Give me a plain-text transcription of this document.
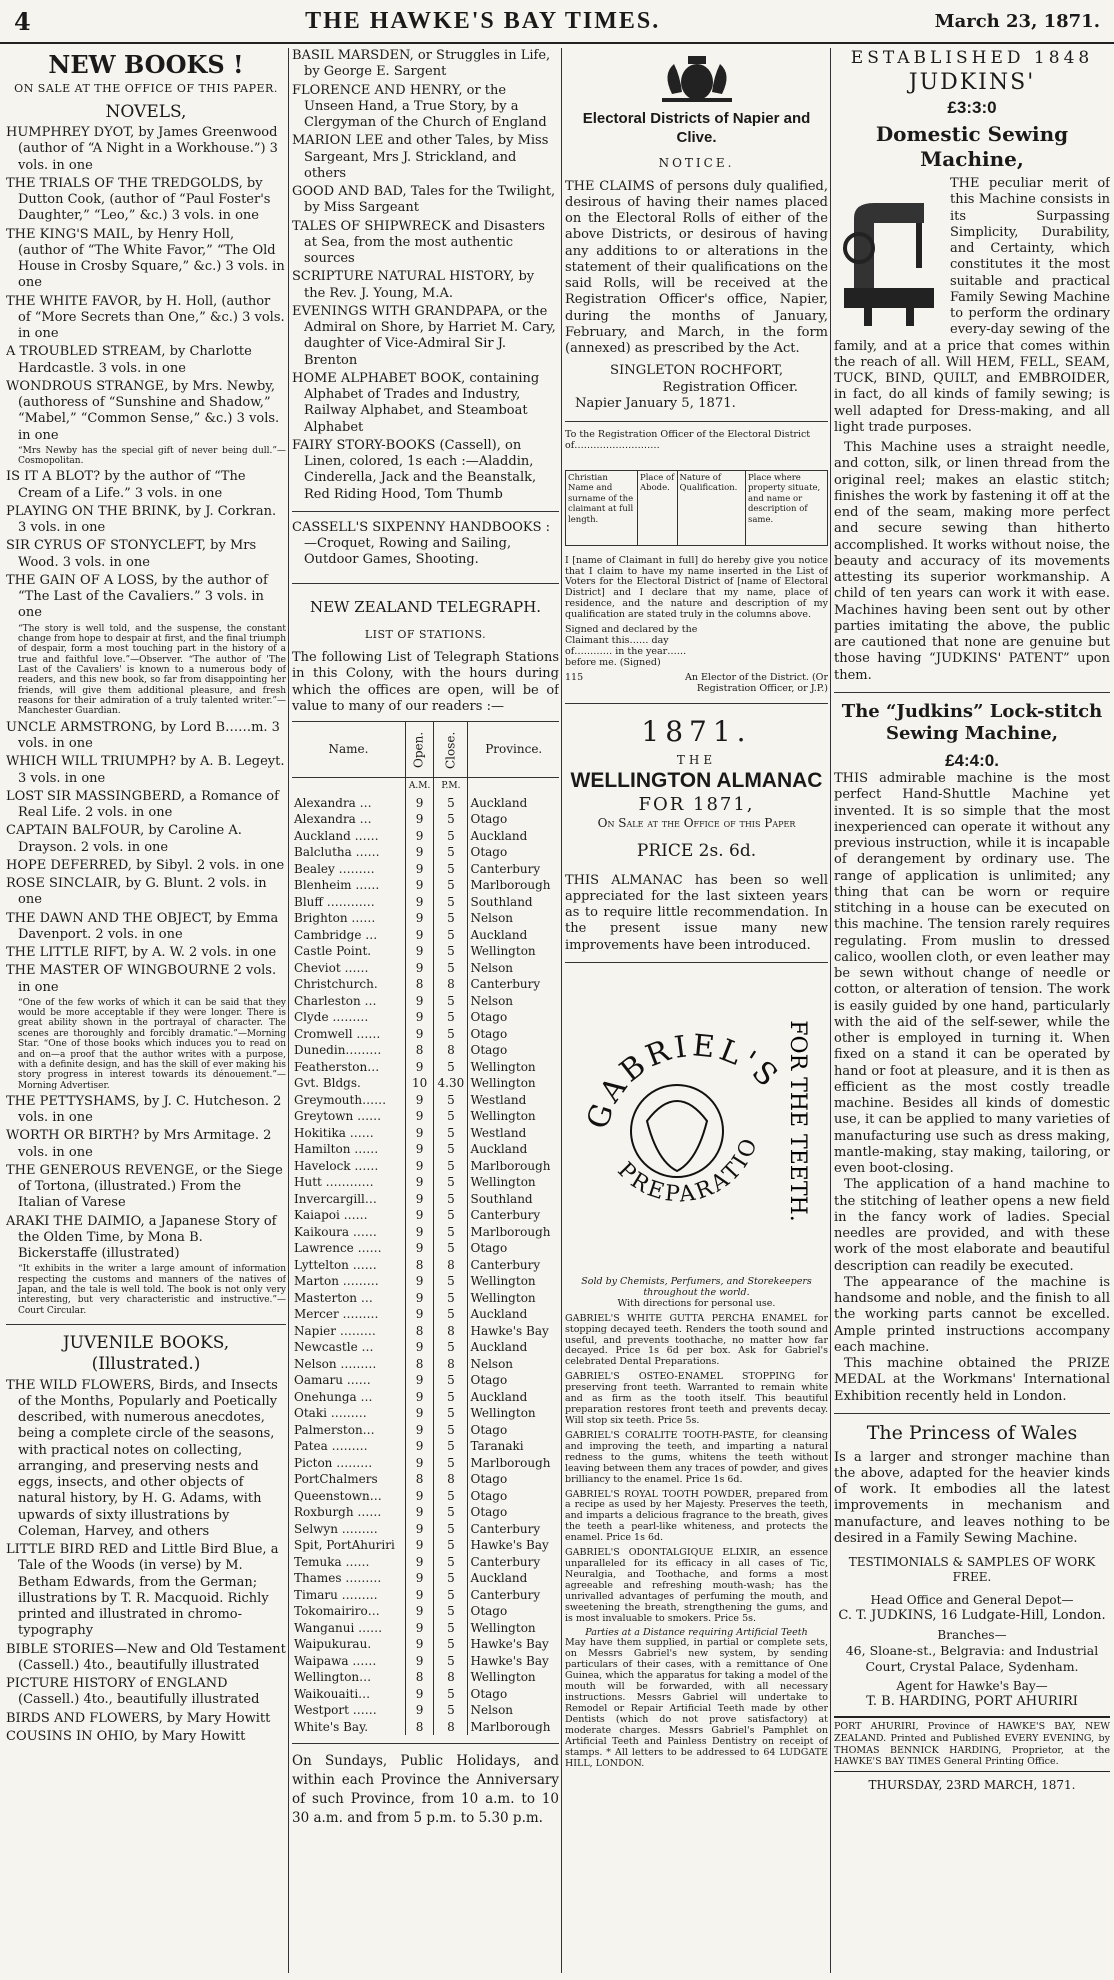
4	THE HAWKE'S BAY TIMES.	March 23, 1871.
NEW BOOKS !
ON SALE AT THE OFFICE OF THIS PAPER.
NOVELS,
HUMPHREY DYOT, by James Greenwood (author of “A Night in a Workhouse.”) 3 vols. in one
THE TRIALS OF THE TREDGOLDS, by Dutton Cook, (author of “Paul Foster's Daughter,” “Leo,” &c.) 3 vols. in one
THE KING'S MAIL, by Henry Holl, (author of “The White Favor,” “The Old House in Crosby Square,” &c.) 3 vols. in one
THE WHITE FAVOR, by H. Holl, (author of “More Secrets than One,” &c.) 3 vols. in one
A TROUBLED STREAM, by Charlotte Hardcastle. 3 vols. in one
WONDROUS STRANGE, by Mrs. Newby, (authoress of “Sunshine and Shadow,” “Mabel,” “Common Sense,” &c.) 3 vols. in one
“Mrs Newby has the special gift of never being dull.”—Cosmopolitan.
IS IT A BLOT? by the author of “The Cream of a Life.” 3 vols. in one
PLAYING ON THE BRINK, by J. Corkran. 3 vols. in one
SIR CYRUS OF STONYCLEFT, by Mrs Wood. 3 vols. in one
THE GAIN OF A LOSS, by the author of “The Last of the Cavaliers.” 3 vols. in one
“The story is well told, and the suspense, the constant change from hope to despair at first, and the final triumph of despair, form a most touching part in the history of a true and faithful love.”—Observer. “The author of 'The Last of the Cavaliers' is known to a numerous body of readers, and this new book, so far from disappointing her friends, will give them additional pleasure, and fresh reasons for their admiration of a truly talented writer.”—Manchester Guardian.
UNCLE ARMSTRONG, by Lord B……m. 3 vols. in one
WHICH WILL TRIUMPH? by A. B. Legeyt. 3 vols. in one
LOST SIR MASSINGBERD, a Romance of Real Life. 2 vols. in one
CAPTAIN BALFOUR, by Caroline A. Drayson. 2 vols. in one
HOPE DEFERRED, by Sibyl. 2 vols. in one
ROSE SINCLAIR, by G. Blunt. 2 vols. in one
THE DAWN AND THE OBJECT, by Emma Davenport. 2 vols. in one
THE LITTLE RIFT, by A. W. 2 vols. in one
THE MASTER OF WINGBOURNE 2 vols. in one
“One of the few works of which it can be said that they would be more acceptable if they were longer. There is great ability shown in the portrayal of character. The scenes are thoroughly and forcibly dramatic.”—Morning Star. “One of those books which induces you to read on and on—a proof that the author writes with a purpose, with a definite design, and has the skill of ever making his story progress in interest towards its dénouement.”—Morning Advertiser.
THE PETTYSHAMS, by J. C. Hutcheson. 2 vols. in one
WORTH OR BIRTH? by Mrs Armitage. 2 vols. in one
THE GENEROUS REVENGE, or the Siege of Tortona, (illustrated.) From the Italian of Varese
ARAKI THE DAIMIO, a Japanese Story of the Olden Time, by Mona B. Bickerstaffe (illustrated)
“It exhibits in the writer a large amount of information respecting the customs and manners of the natives of Japan, and the tale is well told. The book is not only very interesting, but very characteristic and instructive.”—Court Circular.
JUVENILE BOOKS, (Illustrated.)
THE WILD FLOWERS, Birds, and Insects of the Months, Popularly and Poetically described, with numerous anecdotes, being a complete circle of the seasons, with practical notes on collecting, arranging, and preserving nests and eggs, insects, and other objects of natural history, by H. G. Adams, with upwards of sixty illustrations by Coleman, Harvey, and others
LITTLE BIRD RED and Little Bird Blue, a Tale of the Woods (in verse) by M. Betham Edwards, from the German; illustrations by T. R. Macquoid. Richly printed and illustrated in chromo-typography
BIBLE STORIES—New and Old Testament (Cassell.) 4to., beautifully illustrated
PICTURE HISTORY of ENGLAND (Cassell.) 4to., beautifully illustrated
BIRDS AND FLOWERS, by Mary Howitt
COUSINS IN OHIO, by Mary Howitt
BASIL MARSDEN, or Struggles in Life, by George E. Sargent
FLORENCE AND HENRY, or the Unseen Hand, a True Story, by a Clergyman of the Church of England
MARION LEE and other Tales, by Miss Sargeant, Mrs J. Strickland, and others
GOOD AND BAD, Tales for the Twilight, by Miss Sargeant
TALES OF SHIPWRECK and Disasters at Sea, from the most authentic sources
SCRIPTURE NATURAL HISTORY, by the Rev. J. Young, M.A.
EVENINGS WITH GRANDPAPA, or the Admiral on Shore, by Harriet M. Cary, daughter of Vice-Admiral Sir J. Brenton
HOME ALPHABET BOOK, containing Alphabet of Trades and Industry, Railway Alphabet, and Steamboat Alphabet
FAIRY STORY-BOOKS (Cassell), on Linen, colored, 1s each :—Aladdin, Cinderella, Jack and the Beanstalk, Red Riding Hood, Tom Thumb
CASSELL'S SIXPENNY HANDBOOKS :—Croquet, Rowing and Sailing, Outdoor Games, Shooting.
NEW ZEALAND TELEGRAPH.
LIST OF STATIONS.
The following List of Telegraph Stations in this Colony, with the hours during which the offices are open, will be of value to many of our readers :—
Name.	Open.	Close.	Province.
	A.M.	P.M.	
Alexandra …	9	5	Auckland
Alexandra …	9	5	Otago
Auckland ……	9	5	Auckland
Balclutha ……	9	5	Otago
Bealey ………	9	5	Canterbury
Blenheim ……	9	5	Marlborough
Bluff …………	9	5	Southland
Brighton ……	9	5	Nelson
Cambridge …	9	5	Auckland
Castle Point.	9	5	Wellington
Cheviot ……	9	5	Nelson
Christchurch.	8	8	Canterbury
Charleston …	9	5	Nelson
Clyde ………	9	5	Otago
Cromwell ……	9	5	Otago
Dunedin………	8	8	Otago
Featherston…	9	5	Wellington
Gvt. Bldgs.	10	4.30	Wellington
Greymouth……	9	5	Westland
Greytown ……	9	5	Wellington
Hokitika ……	9	5	Westland
Hamilton ……	9	5	Auckland
Havelock ……	9	5	Marlborough
Hutt …………	9	5	Wellington
Invercargill…	9	5	Southland
Kaiapoi ……	9	5	Canterbury
Kaikoura ……	9	5	Marlborough
Lawrence ……	9	5	Otago
Lyttelton ……	8	8	Canterbury
Marton ………	9	5	Wellington
Masterton …	9	5	Wellington
Mercer ………	9	5	Auckland
Napier ………	8	8	Hawke's Bay
Newcastle …	9	5	Auckland
Nelson ………	8	8	Nelson
Oamaru ……	9	5	Otago
Onehunga …	9	5	Auckland
Otaki ………	9	5	Wellington
Palmerston…	9	5	Otago
Patea ………	9	5	Taranaki
Picton ………	9	5	Marlborough
PortChalmers	8	8	Otago
Queenstown…	9	5	Otago
Roxburgh ……	9	5	Otago
Selwyn ………	9	5	Canterbury
Spit, PortAhuriri	9	5	Hawke's Bay
Temuka ……	9	5	Canterbury
Thames ………	9	5	Auckland
Timaru ………	9	5	Canterbury
Tokomairiro…	9	5	Otago
Wanganui ……	9	5	Wellington
Waipukurau.	9	5	Hawke's Bay
Waipawa ……	9	5	Hawke's Bay
Wellington…	8	8	Wellington
Waikouaiti…	9	5	Otago
Westport ……	9	5	Nelson
White's Bay.	8	8	Marlborough
On Sundays, Public Holidays, and within each Province the Anniversary of such Province, from 10 a.m. to 10 30 a.m. and from 5 p.m. to 5.30 p.m.
Electoral Districts of Napier and Clive.
NOTICE.
THE CLAIMS of persons duly qualified, desirous of having their names placed on the Electoral Rolls of either of the above Districts, or desirous of having any additions to or alterations in the statement of their qualifications on the said Rolls, will be received at the Registration Officer's office, Napier, during the months of January, February, and March, in the form (annexed) as prescribed by the Act.
SINGLETON ROCHFORT,
Registration Officer.
Napier January 5, 1871.
To the Registration Officer of the Electoral District of………………………
Christian Name and surname of the claimant at full length.	Place of Abode.	Nature of Qualification.	Place where property situate, and name or description of same.
I [name of Claimant in full] do hereby give you notice that I claim to have my name inserted in the List of Voters for the Electoral District of [name of Electoral District] and I declare that my name, place of residence, and the nature and description of my qualification are stated truly in the columns above.
Signed and declared by the Claimant this…… day of………… in the year…… before me. (Signed)
115	An Elector of the District. (Or Registration Officer, or J.P.)
1871.
THE
WELLINGTON ALMANAC
FOR 1871,
On Sale at the Office of this Paper
PRICE 2s. 6d.
THIS ALMANAC has been so well appreciated for the last sixteen years as to require little recommendation. In the present issue many new improvements have been introduced.
GABRIEL'S
FOR THE TEETH.
PREPARATIO
Sold by Chemists, Perfumers, and Storekeepers throughout the world.
With directions for personal use.
GABRIEL'S WHITE GUTTA PERCHA ENAMEL for stopping decayed teeth. Renders the tooth sound and useful, and prevents toothache, no matter how far decayed. Price 1s 6d per box. Ask for Gabriel's celebrated Dental Preparations.
GABRIEL'S OSTEO-ENAMEL STOPPING for preserving front teeth. Warranted to remain white and as firm as the tooth itself. This beautiful preparation restores front teeth and prevents decay. Will stop six teeth. Price 5s.
GABRIEL'S CORALITE TOOTH-PASTE, for cleansing and improving the teeth, and imparting a natural redness to the gums, whitens the teeth without leaving between them any traces of powder, and gives brilliancy to the enamel. Price 1s 6d.
GABRIEL'S ROYAL TOOTH POWDER, prepared from a recipe as used by her Majesty. Preserves the teeth, and imparts a delicious fragrance to the breath, gives the teeth a pearl-like whiteness, and protects the enamel. Price 1s 6d.
GABRIEL'S ODONTALGIQUE ELIXIR, an essence unparalleled for its efficacy in all cases of Tic, Neuralgia, and Toothache, and forms a most agreeable and refreshing mouth-wash; has the unrivalled advantages of perfuming the mouth, and sweetening the breath, strengthening the gums, and is most invaluable to smokers. Price 5s.
Parties at a Distance requiring Artificial Teeth
May have them supplied, in partial or complete sets, on Messrs Gabriel's new system, by sending particulars of their cases, with a remittance of One Guinea, which the apparatus for taking a model of the mouth will be forwarded, with all necessary instructions. Messrs Gabriel will undertake to Remodel or Repair Artificial Teeth made by other Dentists (which do not prove satisfactory) at moderate charges. Messrs Gabriel's Pamphlet on Artificial Teeth and Painless Dentistry on receipt of stamps. * All letters to be addressed to 64 LUDGATE HILL, LONDON.
ESTABLISHED 1848
JUDKINS'
£3:3:0
Domestic Sewing Machine,
THE peculiar merit of this Machine consists in its Surpassing Simplicity, Durability, and Certainty, which constitutes it the most suitable and practical Family Sewing Machine to perform the ordinary every-day sewing of the family, and at a price that comes within the reach of all. Will HEM, FELL, SEAM, TUCK, BIND, QUILT, and EMBROIDER, in fact, do all kinds of family sewing; is well adapted for Dress-making, and all light trade purposes.
This Machine uses a straight needle, and cotton, silk, or linen thread from the original reel; makes an elastic stitch; finishes the work by fastening it off at the end of the seam, making more perfect and secure sewing than hitherto accomplished. It works without noise, the beauty and accuracy of its movements attesting its superior workmanship. A child of ten years can work it with ease. Machines having been sent out by other parties imitating the above, the public are cautioned that none are genuine but those having “JUDKINS' PATENT” upon them.
The “Judkins” Lock-stitch Sewing Machine,
£4:4:0.
THIS admirable machine is the most perfect Hand-Shuttle Machine yet invented. It is so simple that the most inexperienced can operate it without any previous instruction, while it is incapable of derangement by ordinary use. The range of application is unlimited; any thing that can be worn or require stitching in a house can be executed on this machine. The tension rarely requires regulating. From muslin to dressed calico, woollen cloth, or even leather may be sewn without change of needle or cotton, or alteration of tension. The work is easily guided by one hand, particularly with the aid of the self-sewer, while the other is employed in turning it. When fixed on a stand it can be operated by hand or foot at pleasure, and it is then as efficient as the most costly treadle machine. Besides all kinds of domestic use, it can be applied to many varieties of manufacturing use such as dress making, mantle-making, stay making, tailoring, or even boot-closing.
The application of a hand machine to the stitching of leather opens a new field in the fancy work of ladies. Special needles are provided, and with these work of the most elaborate and beautiful description can readily be executed.
The appearance of the machine is handsome and noble, and the finish to all the working parts cannot be excelled. Ample printed instructions accompany each machine.
This machine obtained the PRIZE MEDAL at the Workmans' International Exhibition recently held in London.
The Princess of Wales
Is a larger and stronger machine than the above, adapted for the heavier kinds of work. It embodies all the latest improvements in mechanism and manufacture, and leaves nothing to be desired in a Family Sewing Machine.
TESTIMONIALS & SAMPLES OF WORK FREE.
Head Office and General Depot—
C. T. JUDKINS, 16 Ludgate-Hill, London.
Branches—
46, Sloane-st., Belgravia: and Industrial Court, Crystal Palace, Sydenham.
Agent for Hawke's Bay—
T. B. HARDING, PORT AHURIRI
PORT AHURIRI, Province of HAWKE'S BAY, NEW ZEALAND. Printed and Published EVERY EVENING, by THOMAS BENNICK HARDING, Proprietor, at the HAWKE'S BAY TIMES General Printing Office.
THURSDAY, 23RD MARCH, 1871.
